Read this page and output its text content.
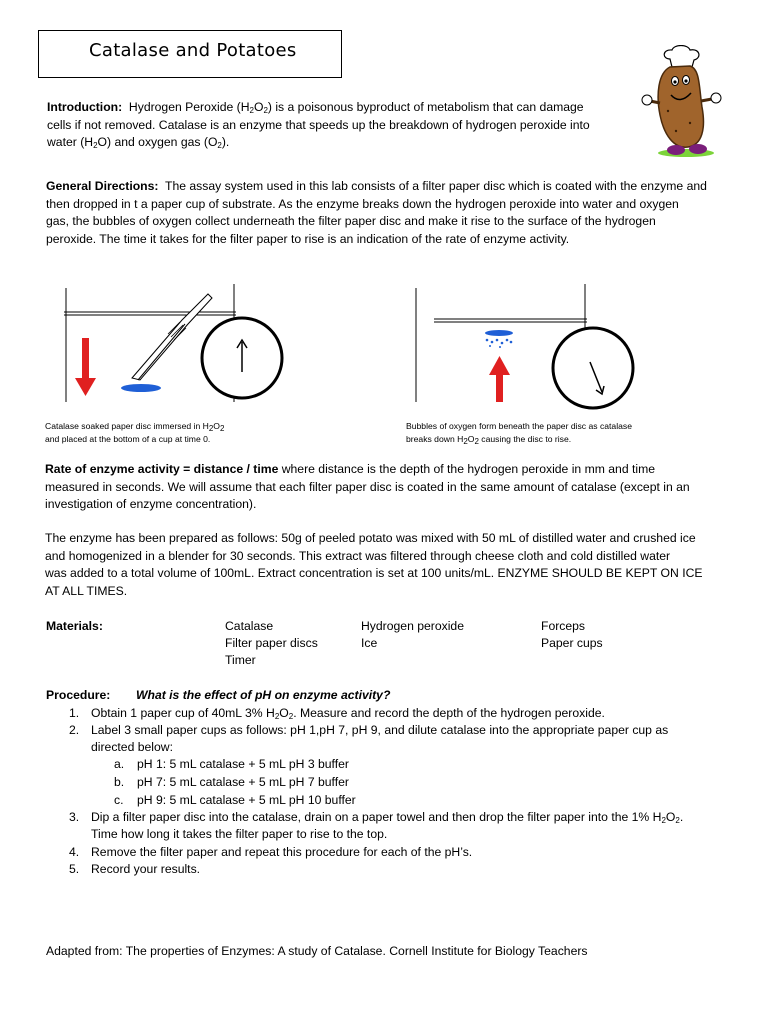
Catalase and Potatoes

Introduction: Hydrogen Peroxide $(H_2O_2)$ is a poisonous byproduct of metabolism that can damage
cells if not removed. Catalase is an enzyme that speeds up the breakdown of hydrogen peroxide into
water $(H_2O)$ and oxygen gas $(O_2)$.

General Directions: The assay system used in this lab consists of a filter paper disc which is coated with the enzyme and
then dropped in t a paper cup of substrate. As the enzyme breaks down the hydrogen peroxide into water and oxygen
gas, the bubbles of oxygen collect underneath the filter paper disc and make it rise to the surface of the hydrogen
peroxide. The time it takes for the filter paper to rise is an indication of the rate of enzyme activity.

Catalase soaked paper disc immersed in $H_2O_2$
and placed at the bottom of a cup at time 0.
Bubbles of oxygen form beneath the paper disc as catalase
breaks down $H_2O_2$ causing the disc to rise.

Rate of enzyme activity = distance / time where distance is the depth of the hydrogen peroxide in mm and time
measured in seconds. We will assume that each filter paper disc is coated in the same amount of catalase (except in an
investigation of enzyme concentration).

The enzyme has been prepared as follows: 50g of peeled potato was mixed with 50 mL of distilled water and crushed ice
and homogenized in a blender for 30 seconds. This extract was filtered through cheese cloth and cold distilled water
was added to a total volume of 100mL. Extract concentration is set at 100 units/mL. ENZYME SHOULD BE KEPT ON ICE
AT ALL TIMES.

Materials:	Catalase
Filter paper discs
Timer
Hydrogen peroxide
Ice
Forceps
Paper cups
Procedure: What is the effect of pH on enzyme activity?
1. Obtain 1 paper cup of 40mL 3% $H_2O_2$. Measure and record the depth of the hydrogen peroxide.
2. Label 3 small paper cups as follows: pH 1,pH 7, pH 9, and dilute catalase into the appropriate paper cup as
directed below:
a. pH 1: 5 mL catalase + 5 mL pH 3 buffer
b. pH 7: 5 mL catalase + 5 mL pH 7 buffer
c. pH 9: 5 mL catalase + 5 mL pH 10 buffer
3. Dip a filter paper disc into the catalase, drain on a paper towel and then drop the filter paper into the 1% $H_2O_2$.
Time how long it takes the filter paper to rise to the top.
4. Remove the filter paper and repeat this procedure for each of the pH’s.
5. Record your results.
Adapted from: The properties of Enzymes: A study of Catalase. Cornell Institute for Biology Teachers
